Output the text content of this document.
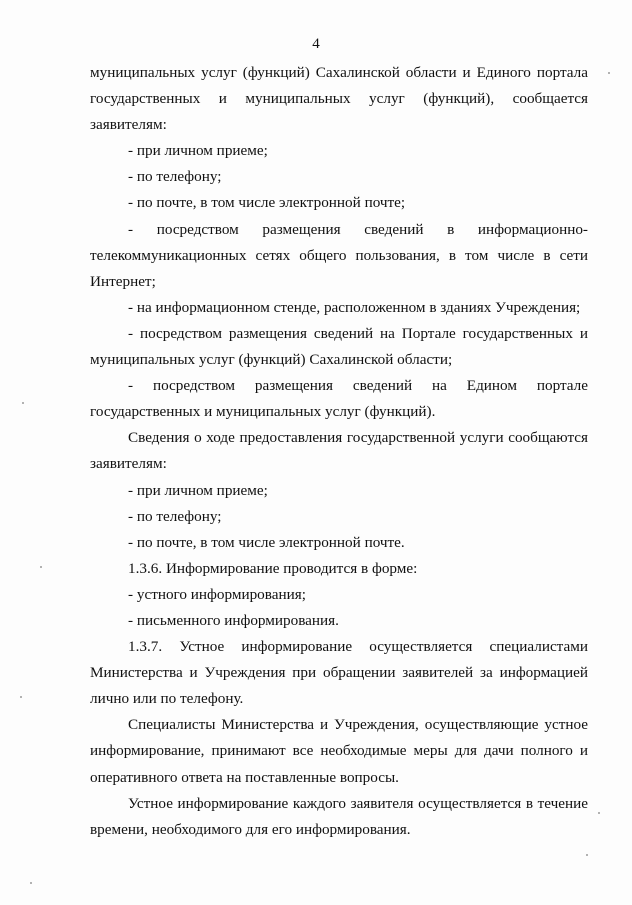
4

муниципальных услуг (функций) Сахалинской области и Единого портала государственных и муниципальных услуг (функций), сообщается заявителям:

- при личном приеме;

- по телефону;

- по почте, в том числе электронной почте;

- посредством размещения сведений в информационно-телекоммуникационных сетях общего пользования, в том числе в сети Интернет;

- на информационном стенде, расположенном в зданиях Учреждения;

- посредством размещения сведений на Портале государственных и муниципальных услуг (функций) Сахалинской области;

- посредством размещения сведений на Едином портале государственных и муниципальных услуг (функций).

Сведения о ходе предоставления государственной услуги сообщаются заявителям:

- при личном приеме;

- по телефону;

- по почте, в том числе электронной почте.

1.3.6. Информирование проводится в форме:

- устного информирования;

- письменного информирования.

1.3.7. Устное информирование осуществляется специалистами Министерства и Учреждения при обращении заявителей за информацией лично или по телефону.

Специалисты Министерства и Учреждения, осуществляющие устное информирование, принимают все необходимые меры для дачи полного и оперативного ответа на поставленные вопросы.

Устное информирование каждого заявителя осуществляется в течение времени, необходимого для его информирования.
